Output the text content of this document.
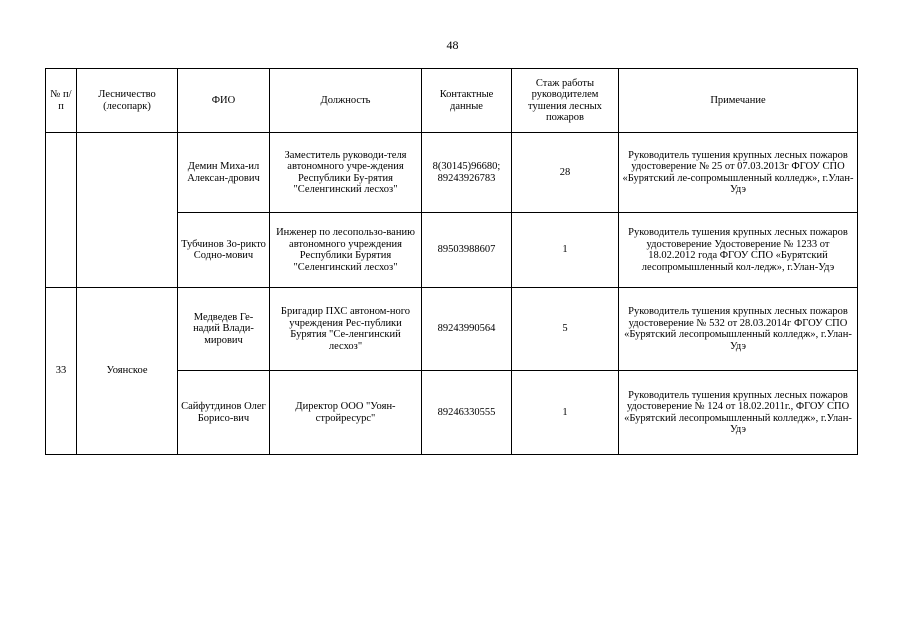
48
№ п/п	Лесничество (лесопарк)	ФИО	Должность	Контактные данные	Стаж работы руководителем тушения лесных пожаров	Примечание
		Демин Миха-ил Алексан-дрович	Заместитель руководи-теля автономного учре-ждения Республики Бу-рятия "Селенгинский лесхоз"	8(30145)96680; 89243926783	28	Руководитель тушения крупных лесных пожаров удостоверение № 25 от 07.03.2013г ФГОУ СПО «Бурятский ле-сопромышленный колледж», г.Улан-Удэ
		Тубчинов Зо-рикто Содно-мович	Инженер по лесопользо-ванию автономного учреждения Республики Бурятия "Селенгинский лесхоз"	89503988607	1	Руководитель тушения крупных лесных пожаров удостоверение Удостоверение № 1233 от 18.02.2012 года ФГОУ СПО «Бурятский лесопромышленный кол-ледж», г.Улан-Удэ
33	Уоянское	Медведев Ге-надий Влади-мирович	Бригадир ПХС автоном-ного учреждения Рес-публики Бурятия "Се-ленгинский лесхоз"	89243990564	5	Руководитель тушения крупных лесных пожаров удостоверение № 532 от 28.03.2014г ФГОУ СПО «Бурятский лесопромышленный колледж», г.Улан-Удэ
		Сайфутдинов Олег Борисо-вич	Директор ООО "Уоян-стройресурс"	89246330555	1	Руководитель тушения крупных лесных пожаров удостоверение № 124 от 18.02.2011г., ФГОУ СПО «Бурятский лесопромышленный колледж», г.Улан-Удэ
